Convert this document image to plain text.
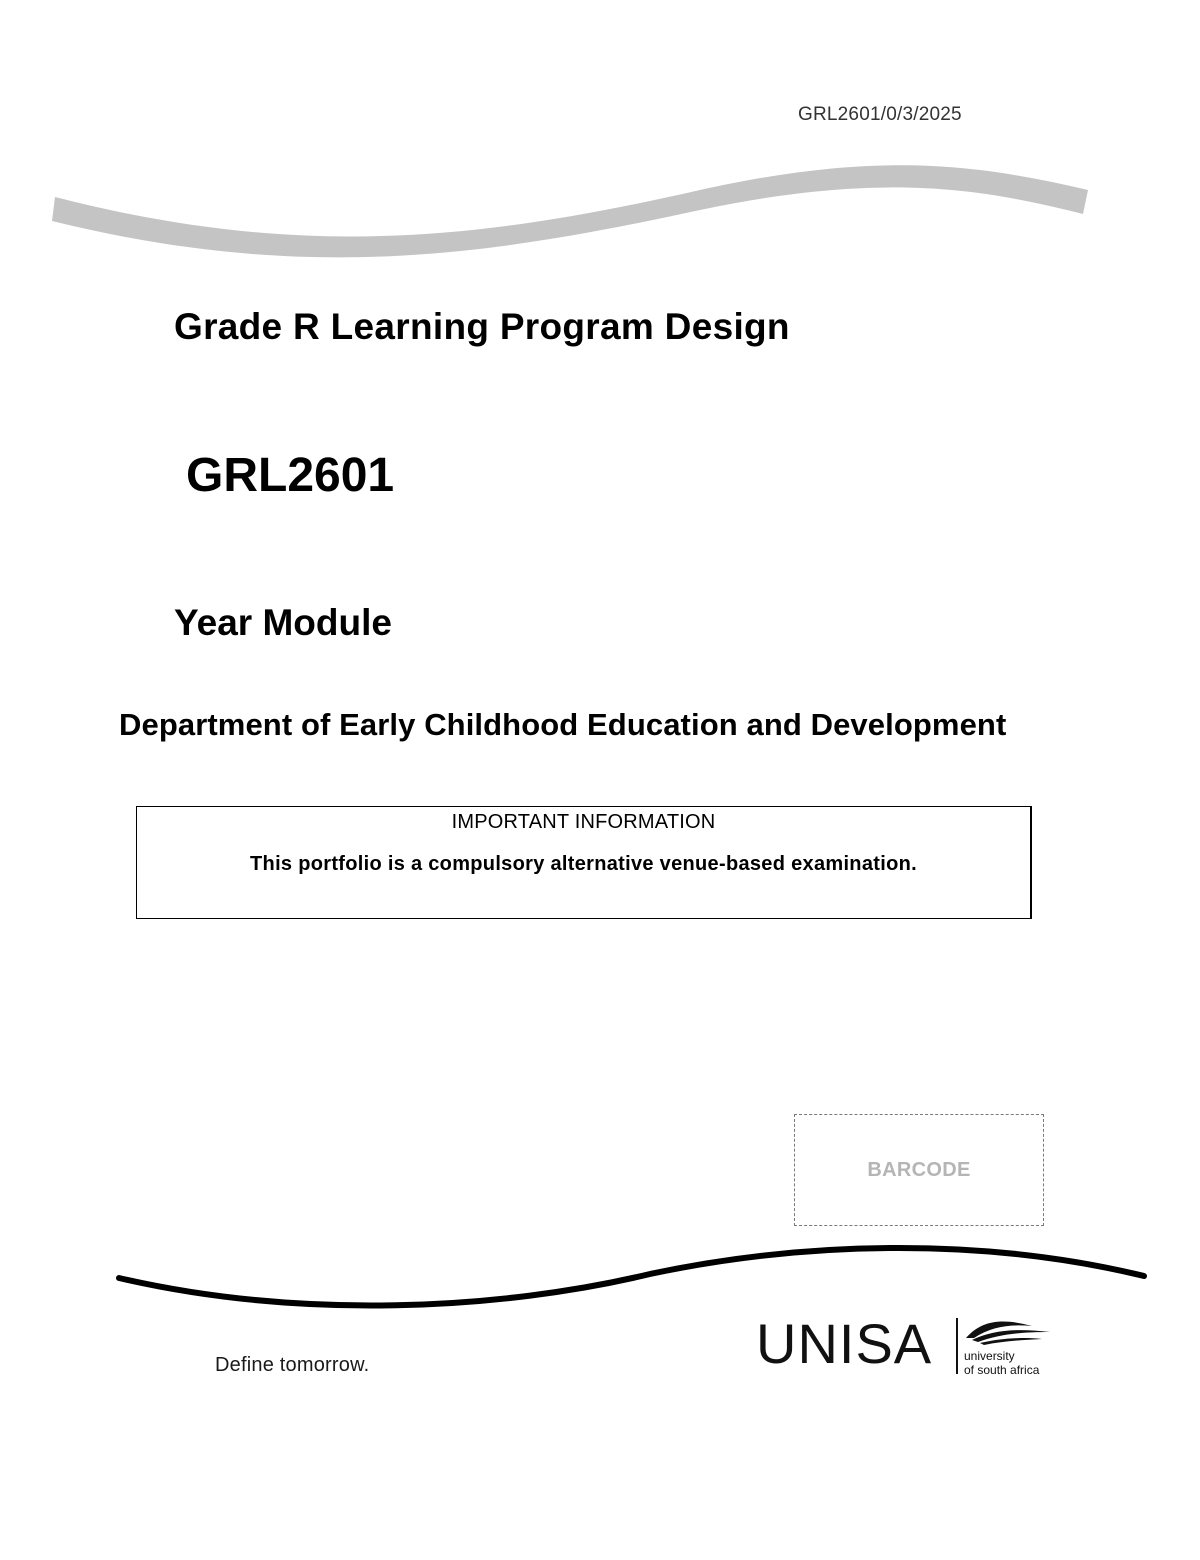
GRL2601/0/3/2025
Grade R Learning Program Design
GRL2601
Year Module
Department of Early Childhood Education and Development
IMPORTANT INFORMATION
This portfolio is a compulsory alternative venue-based examination.
BARCODE
Define tomorrow.	UNISA	university
of south africa
